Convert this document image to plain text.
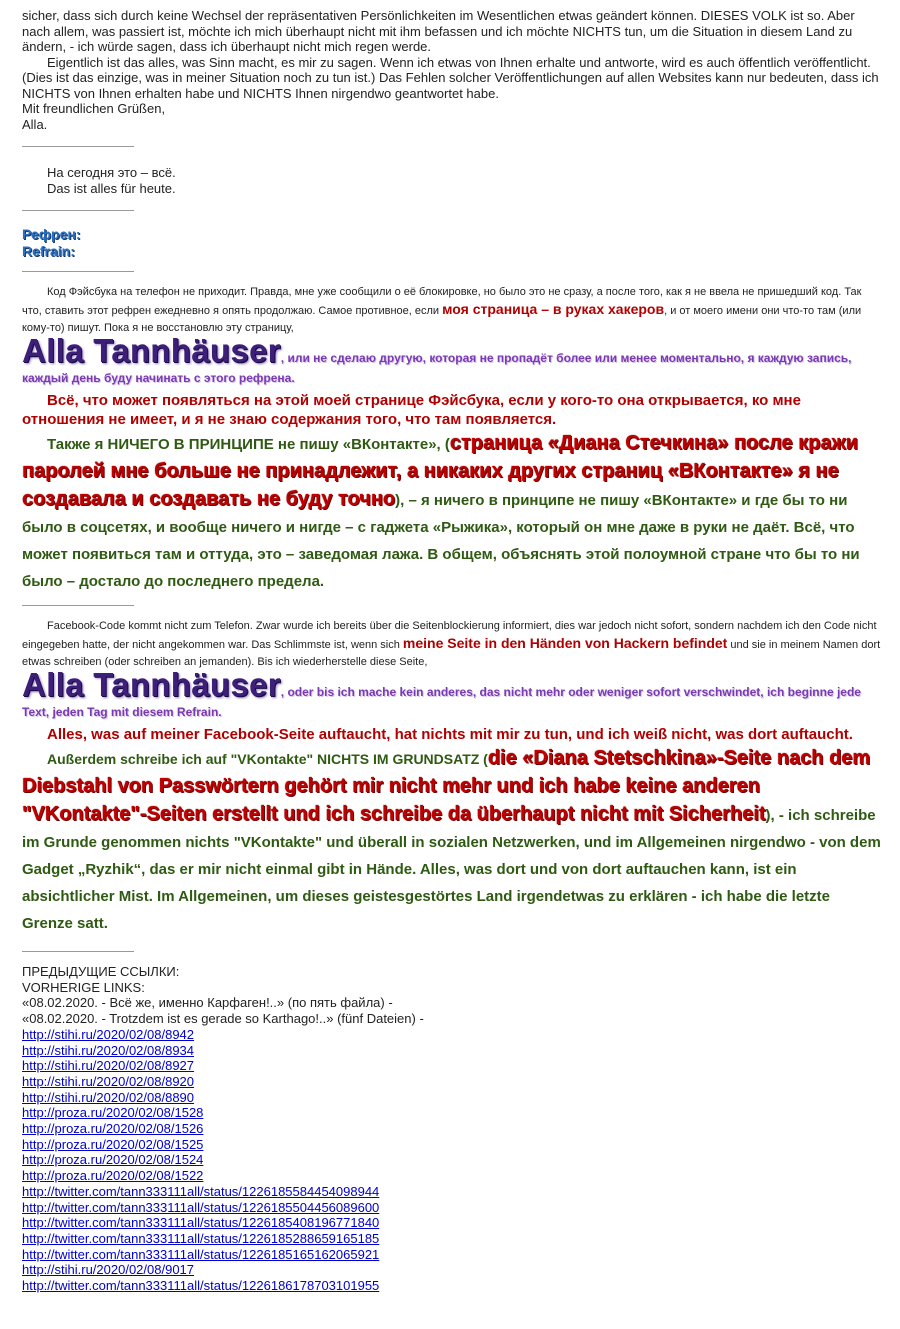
sicher, dass sich durch keine Wechsel der repräsentativen Persönlichkeiten im Wesentlichen etwas geändert können. DIESES VOLK ist so. Aber nach allem, was passiert ist, möchte ich mich überhaupt nicht mit ihm befassen und ich möchte NICHTS tun, um die Situation in diesem Land zu ändern, - ich würde sagen, dass ich überhaupt nicht mich regen werde.

Eigentlich ist das alles, was Sinn macht, es mir zu sagen. Wenn ich etwas von Ihnen erhalte und antworte, wird es auch öffentlich veröffentlicht. (Dies ist das einzige, was in meiner Situation noch zu tun ist.) Das Fehlen solcher Veröffentlichungen auf allen Websites kann nur bedeuten, dass ich NICHTS von Ihnen erhalten habe und NICHTS Ihnen nirgendwo geantwortet habe.

Mit freundlichen Grüßen,

Alla.

На сегодня это – всё.

Das ist alles für heute.

Рефрен:
Refrain:

Код Фэйсбука на телефон не приходит. Правда, мне уже сообщили о её блокировке, но было это не сразу, а после того, как я не ввела не пришедший код. Так что, ставить этот рефрен ежедневно я опять продолжаю. Самое противное, если моя страница – в руках хакеров, и от моего имени они что-то там (или кому-то) пишут. Пока я не восстановлю эту страницу,

Alla Tannhäuser, или не сделаю другую, которая не пропадёт более или менее моментально, я каждую запись, каждый день буду начинать с этого рефрена.

Всё, что может появляться на этой моей странице Фэйсбука, если у кого-то она открывается, ко мне отношения не имеет, и я не знаю содержания того, что там появляется.

Также я НИЧЕГО В ПРИНЦИПЕ не пишу «ВКонтакте», (страница «Диана Стечкина» после кражи паролей мне больше не принадлежит, а никаких других страниц «ВКонтакте» я не создавала и создавать не буду точно), – я ничего в принципе не пишу «ВКонтакте» и где бы то ни было в соцсетях, и вообще ничего и нигде – с гаджета «Рыжика», который он мне даже в руки не даёт. Всё, что может появиться там и оттуда, это – заведомая лажа. В общем, объяснять этой полоумной стране что бы то ни было – достало до последнего предела.

Facebook-Code kommt nicht zum Telefon. Zwar wurde ich bereits über die Seitenblockierung informiert, dies war jedoch nicht sofort, sondern nachdem ich den Code nicht eingegeben hatte, der nicht angekommen war. Das Schlimmste ist, wenn sich meine Seite in den Händen von Hackern befindet und sie in meinem Namen dort etwas schreiben (oder schreiben an jemanden). Bis ich wiederherstelle diese Seite,

Alla Tannhäuser, oder bis ich mache kein anderes, das nicht mehr oder weniger sofort verschwindet, ich beginne jede Text, jeden Tag mit diesem Refrain.

Alles, was auf meiner Facebook-Seite auftaucht, hat nichts mit mir zu tun, und ich weiß nicht, was dort auftaucht.

Außerdem schreibe ich auf "VKontakte" NICHTS IM GRUNDSATZ (die «Diana Stetschkina»-Seite nach dem Diebstahl von Passwörtern gehört mir nicht mehr und ich habe keine anderen "VKontakte"-Seiten erstellt und ich schreibe da überhaupt nicht mit Sicherheit), - ich schreibe im Grunde genommen nichts "VKontakte" und überall in sozialen Netzwerken, und im Allgemeinen nirgendwo - von dem Gadget „Ryzhik“, das er mir nicht einmal gibt in Hände. Alles, was dort und von dort auftauchen kann, ist ein absichtlicher Mist. Im Allgemeinen, um dieses geistesgestörtes Land irgendetwas zu erklären - ich habe die letzte Grenze satt.

ПРЕДЫДУЩИЕ ССЫЛКИ:
VORHERIGE LINKS:
«08.02.2020. - Всё же, именно Карфаген!..» (по пять файла) -
«08.02.2020. - Trotzdem ist es gerade so Karthago!..» (fünf Dateien) -
http://stihi.ru/2020/02/08/8942
http://stihi.ru/2020/02/08/8934
http://stihi.ru/2020/02/08/8927
http://stihi.ru/2020/02/08/8920
http://stihi.ru/2020/02/08/8890
http://proza.ru/2020/02/08/1528
http://proza.ru/2020/02/08/1526
http://proza.ru/2020/02/08/1525
http://proza.ru/2020/02/08/1524
http://proza.ru/2020/02/08/1522
http://twitter.com/tann333111all/status/1226185584454098944
http://twitter.com/tann333111all/status/1226185504456089600
http://twitter.com/tann333111all/status/1226185408196771840
http://twitter.com/tann333111all/status/1226185288659165185
http://twitter.com/tann333111all/status/1226185165162065921
http://stihi.ru/2020/02/08/9017
http://twitter.com/tann333111all/status/1226186178703101955
